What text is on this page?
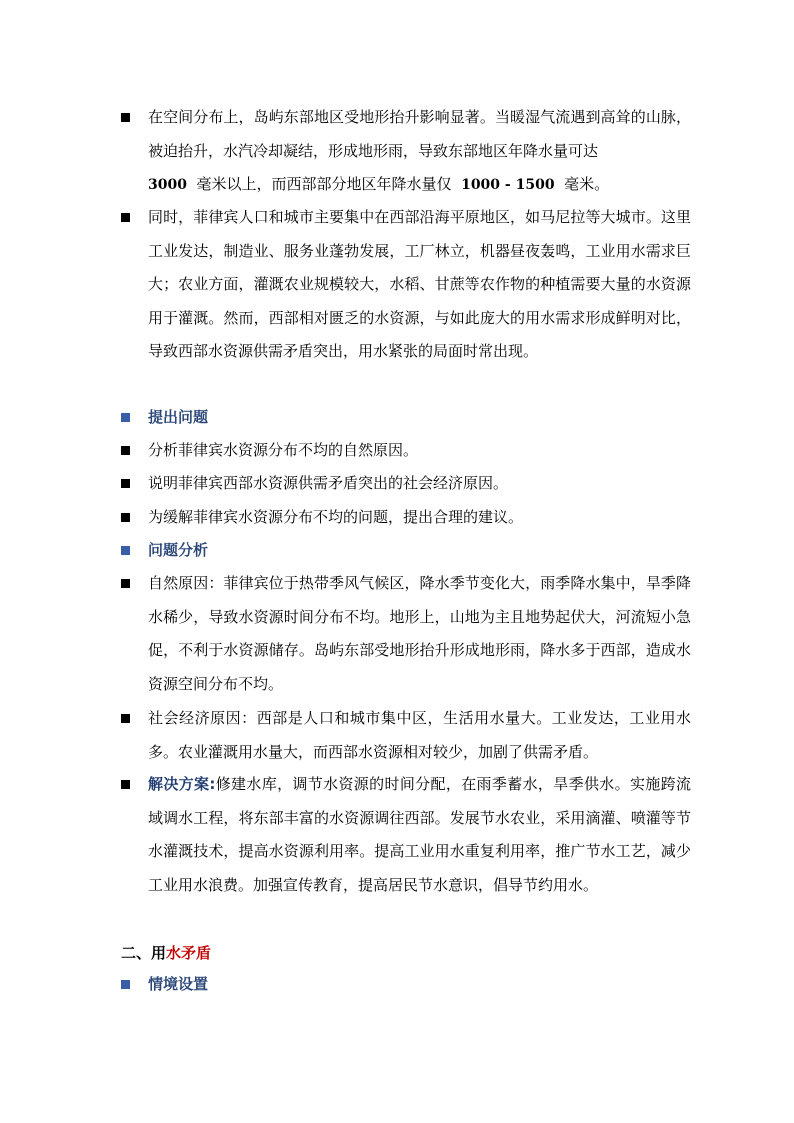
在空间分布上，岛屿东部地区受地形抬升影响显著。当暖湿气流遇到高耸的山脉，被迫抬升，水汽冷却凝结，形成地形雨，导致东部地区年降水量可达
3000 毫米以上，而西部部分地区年降水量仅 1000 - 1500 毫米。
同时，菲律宾人口和城市主要集中在西部沿海平原地区，如马尼拉等大城市。这里工业发达，制造业、服务业蓬勃发展，工厂林立，机器昼夜轰鸣，工业用水需求巨大；农业方面，灌溉农业规模较大，水稻、甘蔗等农作物的种植需要大量的水资源用于灌溉。然而，西部相对匮乏的水资源，与如此庞大的用水需求形成鲜明对比，导致西部水资源供需矛盾突出，用水紧张的局面时常出现。
提出问题
分析菲律宾水资源分布不均的自然原因。
说明菲律宾西部水资源供需矛盾突出的社会经济原因。
为缓解菲律宾水资源分布不均的问题，提出合理的建议。
问题分析
自然原因：菲律宾位于热带季风气候区，降水季节变化大，雨季降水集中，旱季降水稀少，导致水资源时间分布不均。地形上，山地为主且地势起伏大，河流短小急促，不利于水资源储存。岛屿东部受地形抬升形成地形雨，降水多于西部，造成水资源空间分布不均。
社会经济原因：西部是人口和城市集中区，生活用水量大。工业发达，工业用水多。农业灌溉用水量大，而西部水资源相对较少，加剧了供需矛盾。
解决方案:修建水库，调节水资源的时间分配，在雨季蓄水，旱季供水。实施跨流域调水工程，将东部丰富的水资源调往西部。发展节水农业，采用滴灌、喷灌等节水灌溉技术，提高水资源利用率。提高工业用水重复利用率，推广节水工艺，减少工业用水浪费。加强宣传教育，提高居民节水意识，倡导节约用水。
二、用水矛盾
情境设置
